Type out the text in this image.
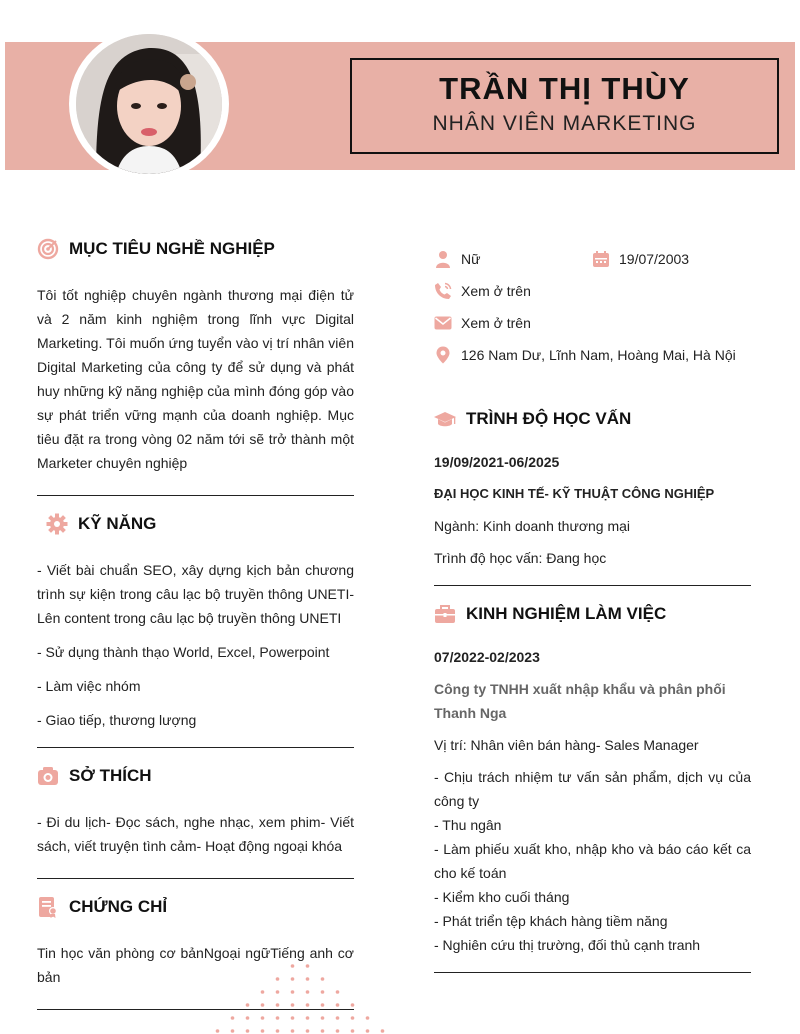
TRẦN THỊ THÙY
NHÂN VIÊN MARKETING
MỤC TIÊU NGHỀ NGHIỆP
Tôi tốt nghiệp chuyên ngành thương mại điện tử và 2 năm kinh nghiệm trong lĩnh vực Digital Marketing. Tôi muốn ứng tuyển vào vị trí nhân viên Digital Marketing của công ty để sử dụng và phát huy những kỹ năng nghiệp của mình đóng góp vào sự phát triển vững mạnh của doanh nghiệp. Mục tiêu đặt ra trong vòng 02 năm tới sẽ trở thành một Marketer chuyên nghiệp
KỸ NĂNG
- Viết bài chuẩn SEO, xây dựng kịch bản chương trình sự kiện trong câu lạc bộ truyền thông UNETI- Lên content trong câu lạc bộ truyền thông UNETI
- Sử dụng thành thạo World, Excel, Powerpoint
- Làm việc nhóm
- Giao tiếp, thương lượng
SỞ THÍCH
- Đi du lịch- Đọc sách, nghe nhạc, xem phim- Viết sách, viết truyện tình cảm- Hoạt động ngoại khóa
CHỨNG CHỈ
Tin học văn phòng cơ bảnNgoại ngữTiếng anh cơ bản
Nữ	19/07/2003
Xem ở trên
Xem ở trên
126 Nam Dư, Lĩnh Nam, Hoàng Mai, Hà Nội
TRÌNH ĐỘ HỌC VẤN
19/09/2021-06/2025
ĐẠI HỌC KINH TẾ- KỸ THUẬT CÔNG NGHIỆP
Ngành: Kinh doanh thương mại
Trình độ học vấn: Đang học
KINH NGHIỆM LÀM VIỆC
07/2022-02/2023
Công ty TNHH xuất nhập khẩu và phân phối Thanh Nga
Vị trí: Nhân viên bán hàng- Sales Manager
- Chịu trách nhiệm tư vấn sản phẩm, dịch vụ của công ty
- Thu ngân
- Làm phiếu xuất kho, nhập kho và báo cáo kết ca cho kế toán
- Kiểm kho cuối tháng
- Phát triển tệp khách hàng tiềm năng
- Nghiên cứu thị trường, đối thủ cạnh tranh
